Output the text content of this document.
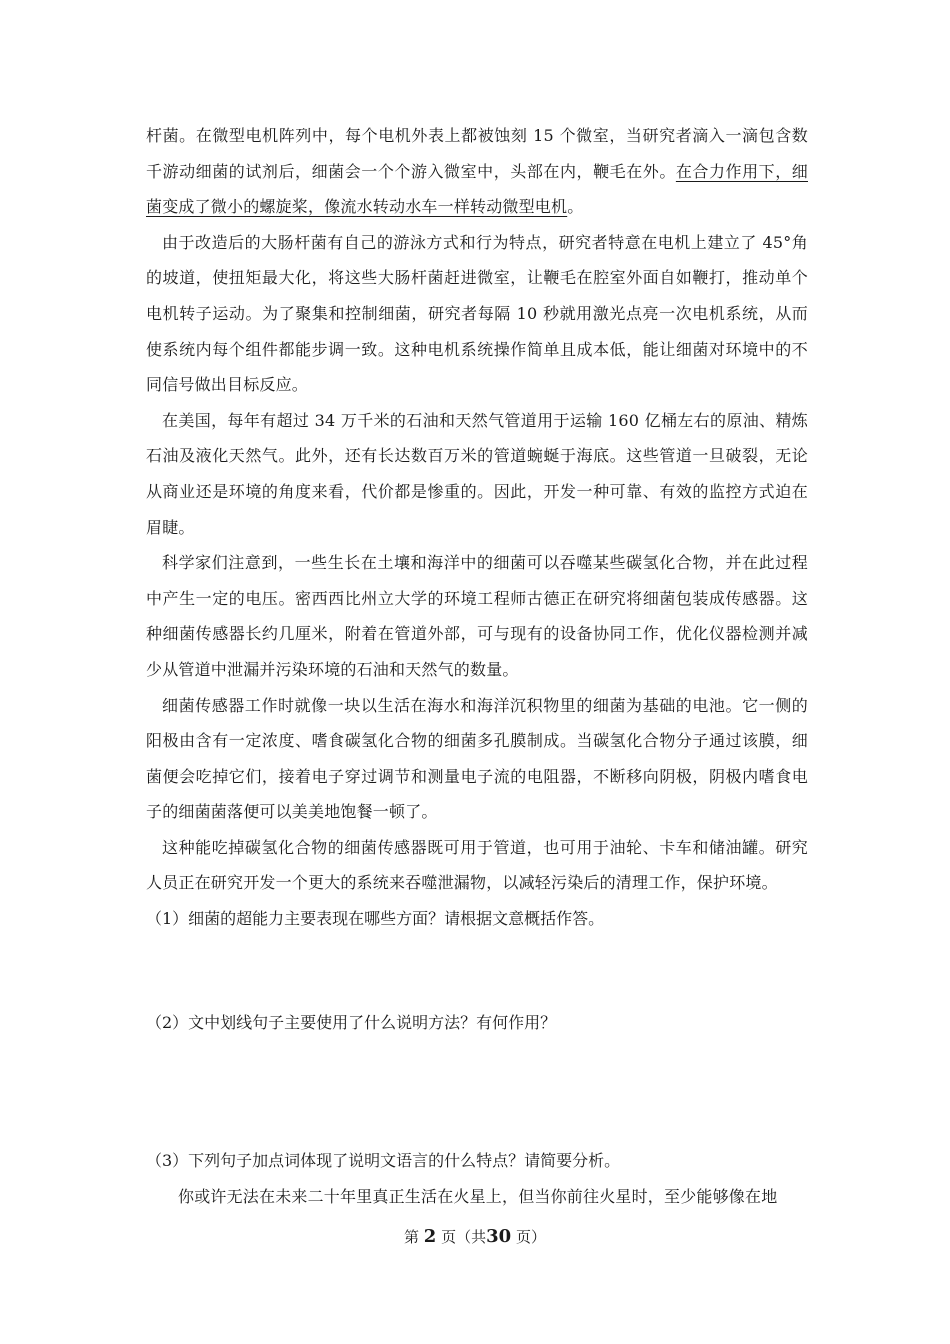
杆菌。在微型电机阵列中，每个电机外表上都被蚀刻 15 个微室，当研究者滴入一滴包含数千游动细菌的试剂后，细菌会一个个游入微室中，头部在内，鞭毛在外。在合力作用下，细菌变成了微小的螺旋桨，像流水转动水车一样转动微型电机。

由于改造后的大肠杆菌有自己的游泳方式和行为特点，研究者特意在电机上建立了 45°角的坡道，使扭矩最大化，将这些大肠杆菌赶进微室，让鞭毛在腔室外面自如鞭打，推动单个电机转子运动。为了聚集和控制细菌，研究者每隔 10 秒就用激光点亮一次电机系统，从而使系统内每个组件都能步调一致。这种电机系统操作简单且成本低，能让细菌对环境中的不同信号做出目标反应。

在美国，每年有超过 34 万千米的石油和天然气管道用于运输 160 亿桶左右的原油、精炼石油及液化天然气。此外，还有长达数百万米的管道蜿蜒于海底。这些管道一旦破裂，无论从商业还是环境的角度来看，代价都是惨重的。因此，开发一种可靠、有效的监控方式迫在眉睫。

科学家们注意到，一些生长在土壤和海洋中的细菌可以吞噬某些碳氢化合物，并在此过程中产生一定的电压。密西西比州立大学的环境工程师古德正在研究将细菌包装成传感器。这种细菌传感器长约几厘米，附着在管道外部，可与现有的设备协同工作，优化仪器检测并减少从管道中泄漏并污染环境的石油和天然气的数量。

细菌传感器工作时就像一块以生活在海水和海洋沉积物里的细菌为基础的电池。它一侧的阳极由含有一定浓度、嗜食碳氢化合物的细菌多孔膜制成。当碳氢化合物分子通过该膜，细菌便会吃掉它们，接着电子穿过调节和测量电子流的电阻器，不断移向阴极，阴极内嗜食电子的细菌菌落便可以美美地饱餐一顿了。

这种能吃掉碳氢化合物的细菌传感器既可用于管道，也可用于油轮、卡车和储油罐。研究人员正在研究开发一个更大的系统来吞噬泄漏物，以减轻污染后的清理工作，保护环境。

（1）细菌的超能力主要表现在哪些方面？请根据文意概括作答。

（2）文中划线句子主要使用了什么说明方法？有何作用？

（3）下列句子加点词体现了说明文语言的什么特点？请简要分析。

你或许无法在未来二十年里真正生活在火星上，但当你前往火星时，至少能够像在地

第 2 页（共30 页）
